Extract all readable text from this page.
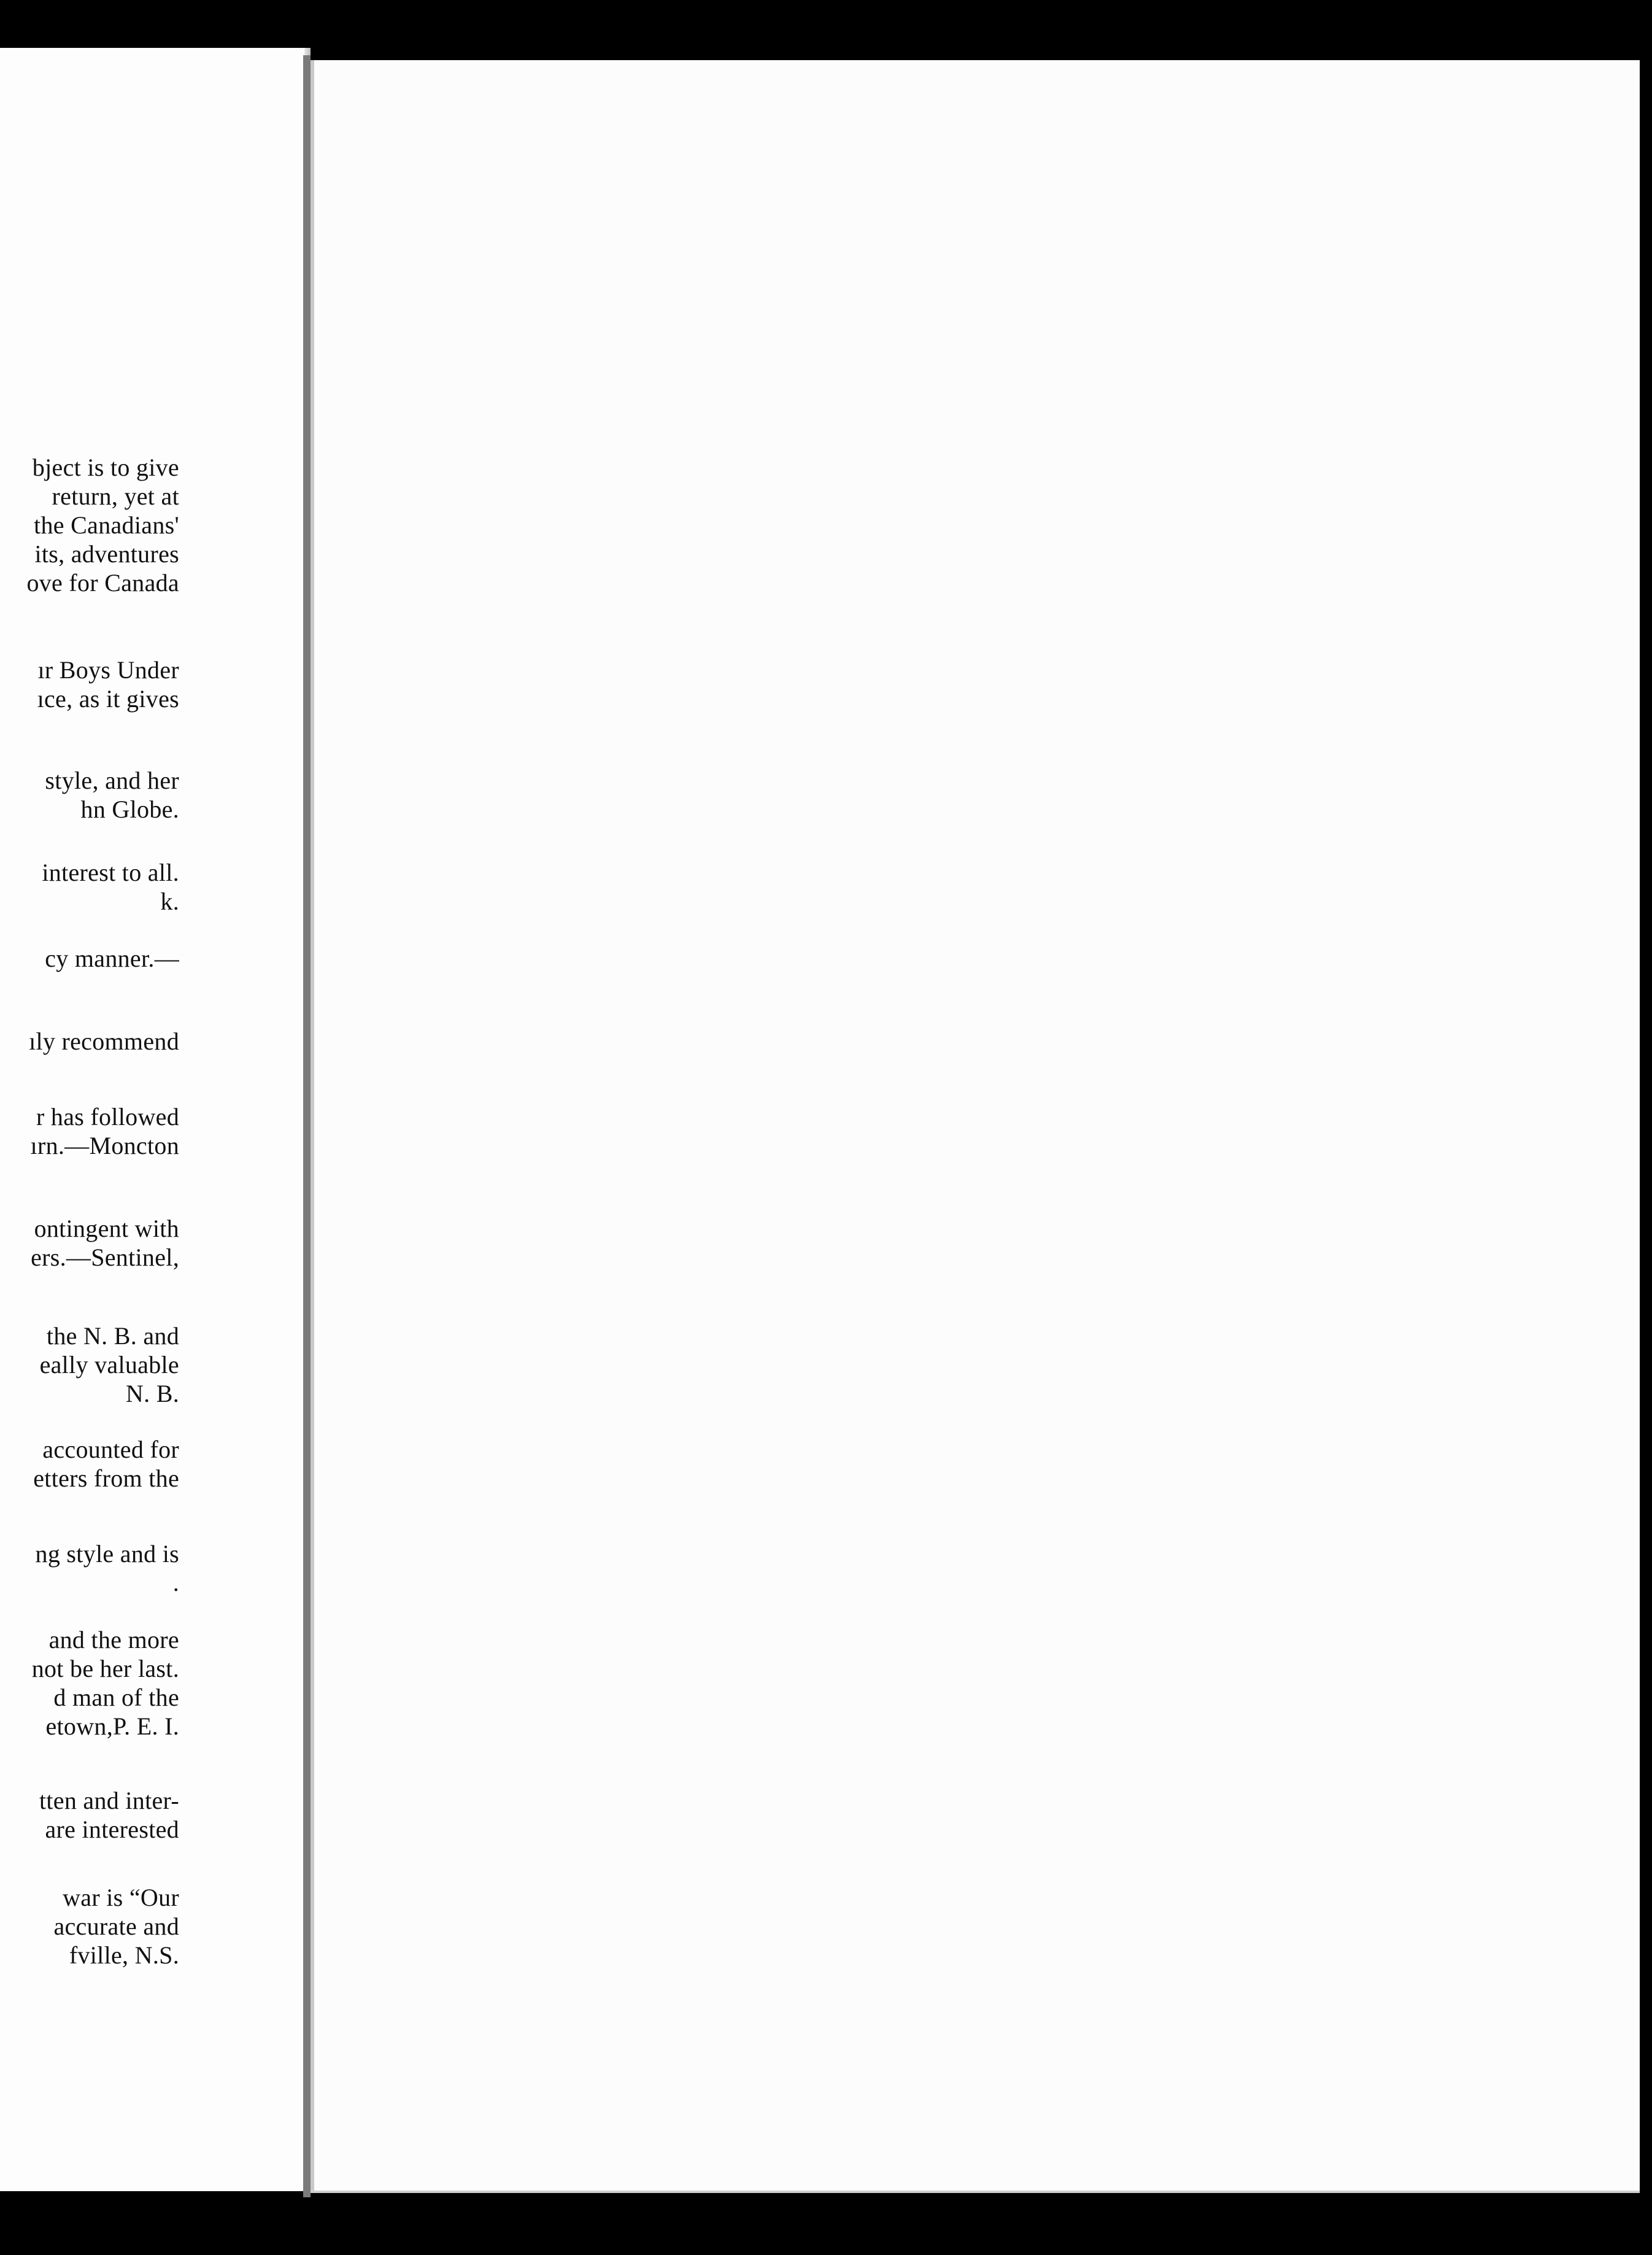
bject is to give
return, yet at
the Canadians'
its, adventures
ove for Canada

ır Boys Under
ıce, as it gives

style, and her
hn Globe.

interest to all.
k.

cy manner.—

ıly recommend

r has followed
ırn.—Moncton

ontingent with
ers.—Sentinel,

the N. B. and
eally valuable
N. B.

accounted for
etters from the

ng style and is
.

and the more
not be her last.
d man of the
etown,P. E. I.

tten and inter-
are interested

war is “Our
accurate and
fville, N.S.
